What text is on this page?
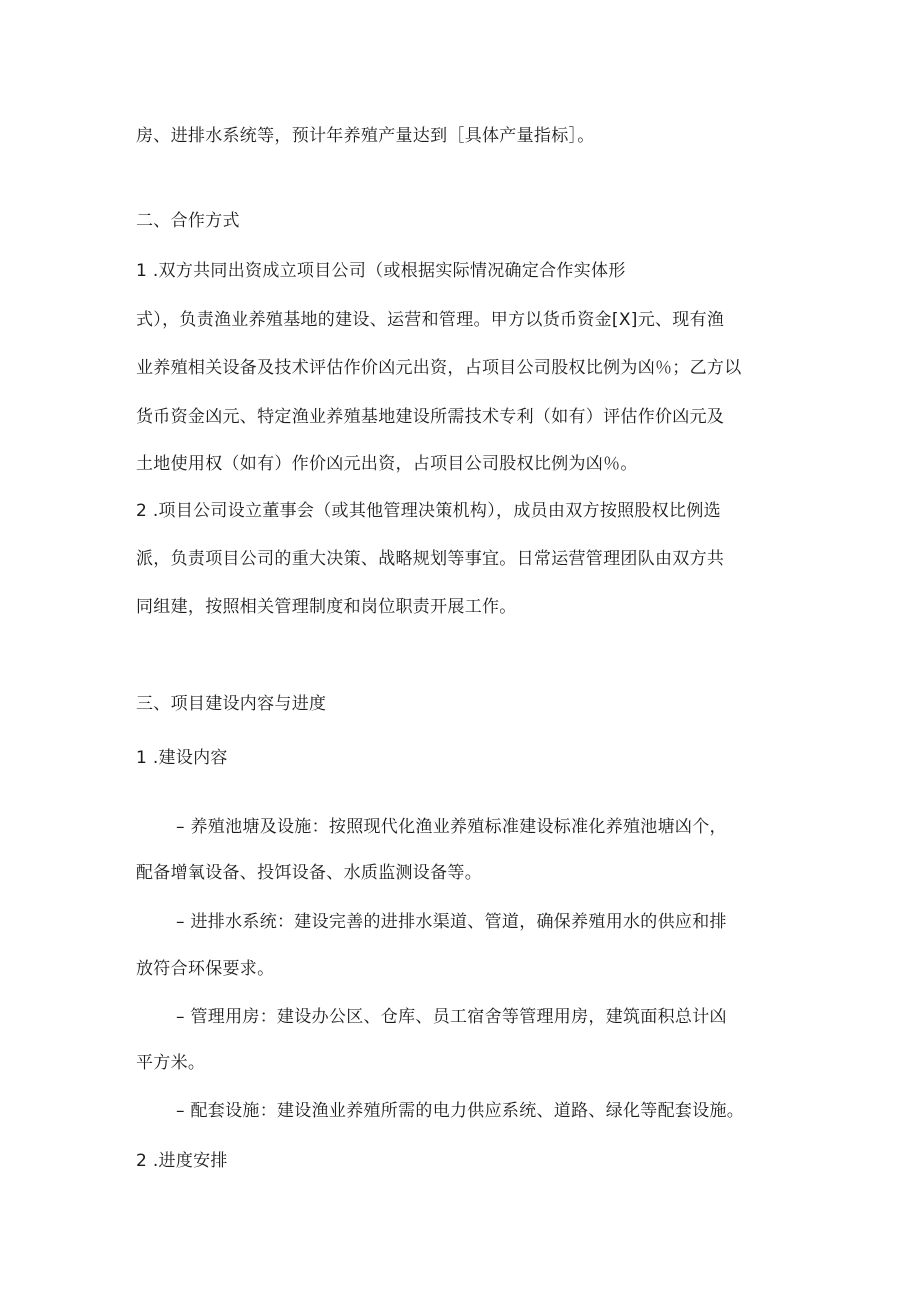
房、进排水系统等，预计年养殖产量达到［具体产量指标］。
二、合作方式
1 .双方共同出资成立项目公司（或根据实际情况确定合作实体形
式），负责渔业养殖基地的建设、运营和管理。甲方以货币资金[X]元、现有渔
业养殖相关设备及技术评估作价凶元出资，占项目公司股权比例为凶％；乙方以
货币资金凶元、特定渔业养殖基地建设所需技术专利（如有）评估作价凶元及
土地使用权（如有）作价凶元出资，占项目公司股权比例为凶％。
2 .项目公司设立董事会（或其他管理决策机构），成员由双方按照股权比例选
派，负责项目公司的重大决策、战略规划等事宜。日常运营管理团队由双方共
同组建，按照相关管理制度和岗位职责开展工作。
三、项目建设内容与进度
1 .建设内容
– 养殖池塘及设施：按照现代化渔业养殖标准建设标准化养殖池塘凶个，
配备增氧设备、投饵设备、水质监测设备等。
– 进排水系统：建设完善的进排水渠道、管道，确保养殖用水的供应和排
放符合环保要求。
– 管理用房：建设办公区、仓库、员工宿舍等管理用房，建筑面积总计凶
平方米。
– 配套设施：建设渔业养殖所需的电力供应系统、道路、绿化等配套设施。
2 .进度安排
